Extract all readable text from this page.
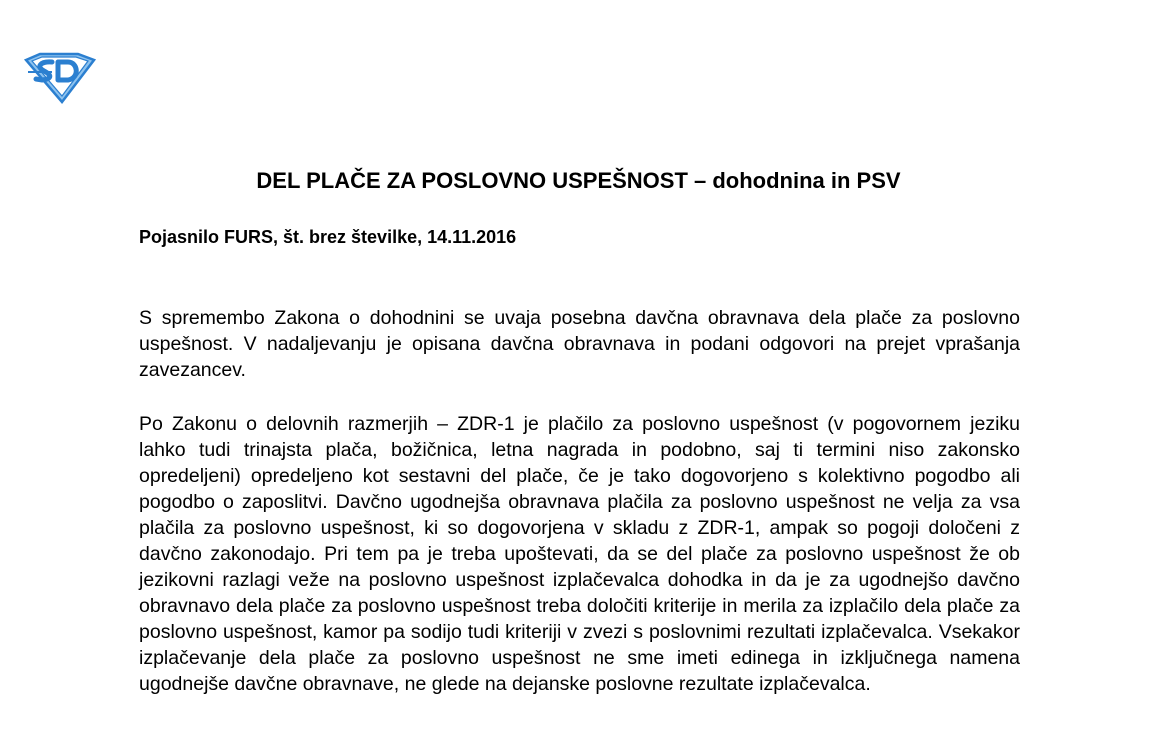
DEL PLAČE ZA POSLOVNO USPEŠNOST – dohodnina in PSV

Pojasnilo FURS, št. brez številke, 14.11.2016

S spremembo Zakona o dohodnini se uvaja posebna davčna obravnava dela plače za poslovno uspešnost. V nadaljevanju je opisana davčna obravnava in podani odgovori na prejet vprašanja zavezancev.

Po Zakonu o delovnih razmerjih – ZDR-1 je plačilo za poslovno uspešnost (v pogovornem jeziku lahko tudi trinajsta plača, božičnica, letna nagrada in podobno, saj ti termini niso zakonsko opredeljeni) opredeljeno kot sestavni del plače, če je tako dogovorjeno s kolektivno pogodbo ali pogodbo o zaposlitvi. Davčno ugodnejša obravnava plačila za poslovno uspešnost ne velja za vsa plačila za poslovno uspešnost, ki so dogovorjena v skladu z ZDR-1, ampak so pogoji določeni z davčno zakonodajo. Pri tem pa je treba upoštevati, da se del plače za poslovno uspešnost že ob jezikovni razlagi veže na poslovno uspešnost izplačevalca dohodka in da je za ugodnejšo davčno obravnavo dela plače za poslovno uspešnost treba določiti kriterije in merila za izplačilo dela plače za poslovno uspešnost, kamor pa sodijo tudi kriteriji v zvezi s poslovnimi rezultati izplačevalca. Vsekakor izplačevanje dela plače za poslovno uspešnost ne sme imeti edinega in izključnega namena ugodnejše davčne obravnave, ne glede na dejanske poslovne rezultate izplačevalca.
